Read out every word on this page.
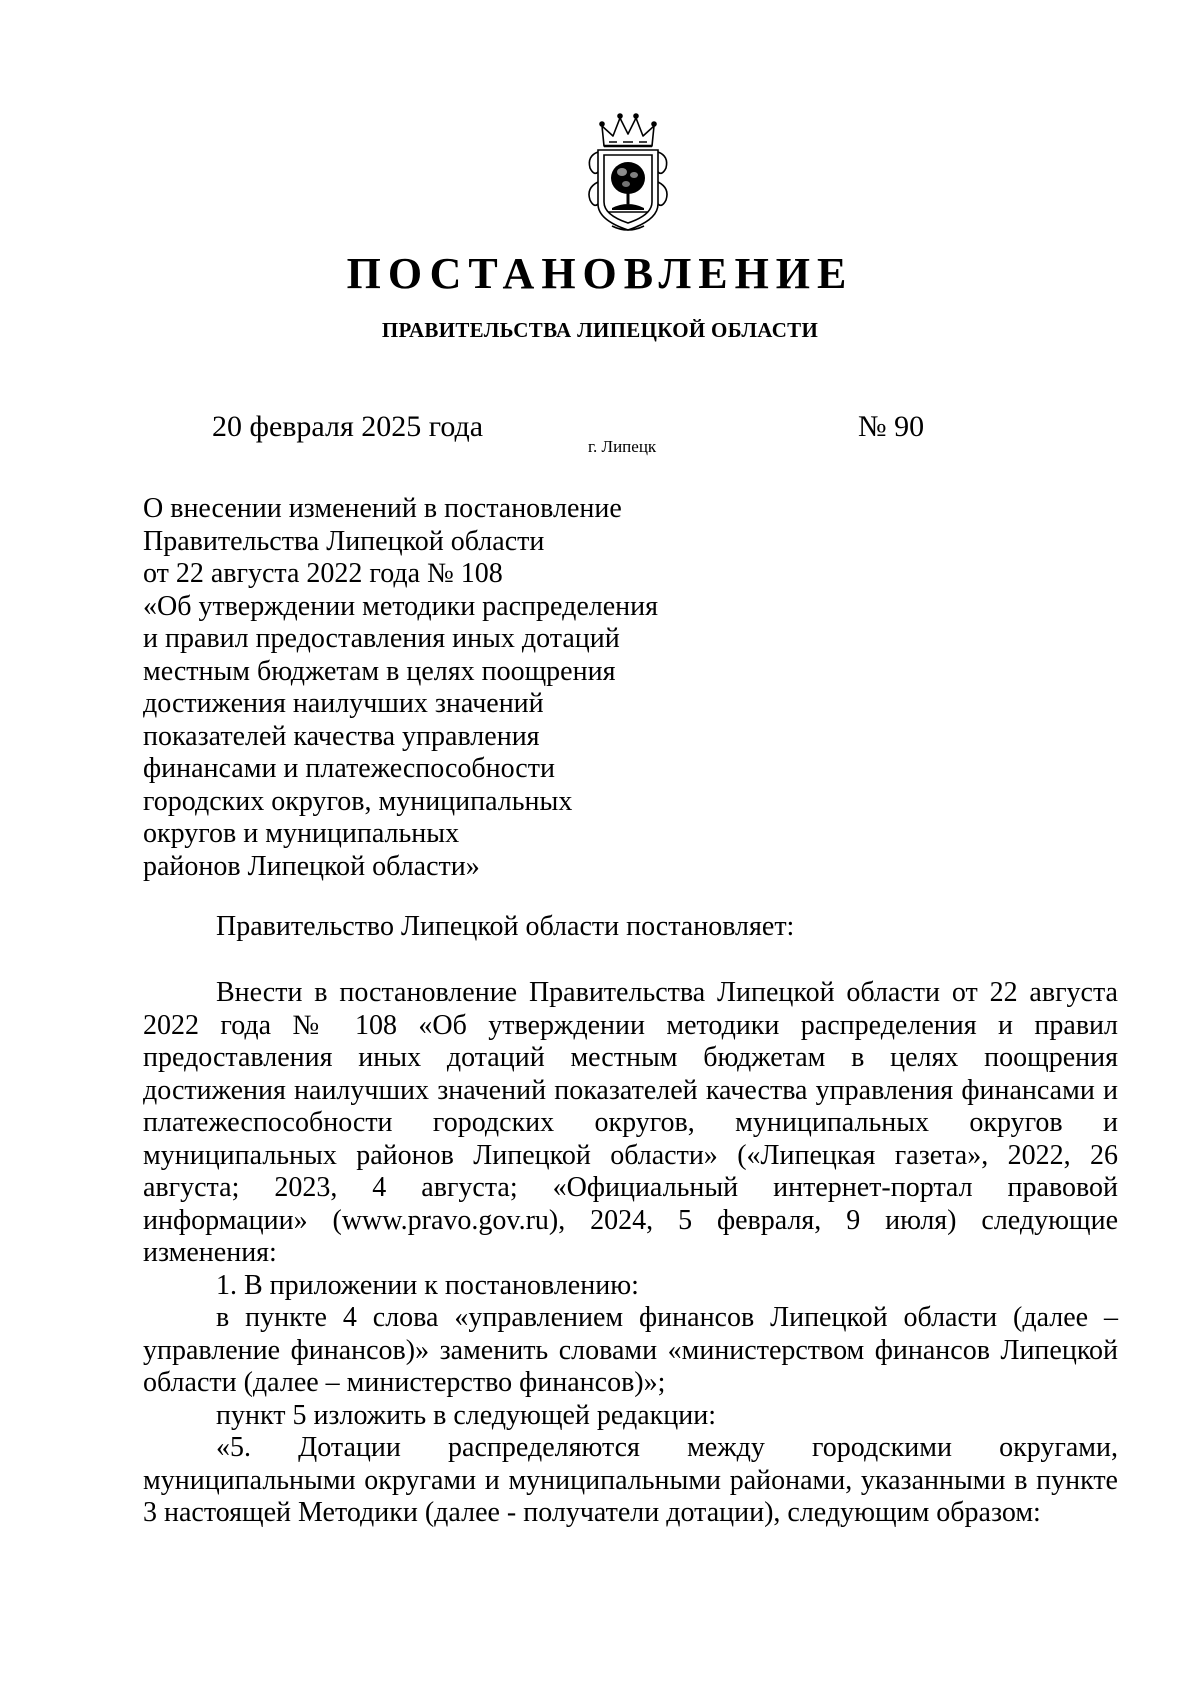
ПОСТАНОВЛЕНИЕ
ПРАВИТЕЛЬСТВА ЛИПЕЦКОЙ ОБЛАСТИ
20 февраля 2025 года
г. Липецк
№ 90
О внесении изменений в постановление
Правительства Липецкой области
от 22 августа 2022 года № 108
«Об утверждении методики распределения
и правил предоставления иных дотаций
местным бюджетам в целях поощрения
достижения наилучших значений
показателей качества управления
финансами и платежеспособности
городских округов, муниципальных
округов и муниципальных
районов Липецкой области»
Правительство Липецкой области постановляет:

Внести в постановление Правительства Липецкой области от 22 августа 2022 года № 108 «Об утверждении методики распределения и правил предоставления иных дотаций местным бюджетам в целях поощрения достижения наилучших значений показателей качества управления финансами и платежеспособности городских округов, муниципальных округов и муниципальных районов Липецкой области» («Липецкая газета», 2022, 26 августа; 2023, 4 августа; «Официальный интернет-портал правовой информации» (www.pravo.gov.ru), 2024, 5 февраля, 9 июля) следующие изменения:

1. В приложении к постановлению:

в пункте 4 слова «управлением финансов Липецкой области (далее – управление финансов)» заменить словами «министерством финансов Липецкой области (далее – министерство финансов)»;

пункт 5 изложить в следующей редакции:

«5. Дотации распределяются между городскими округами, муниципальными округами и муниципальными районами, указанными в пункте 3 настоящей Методики (далее - получатели дотации), следующим образом:
